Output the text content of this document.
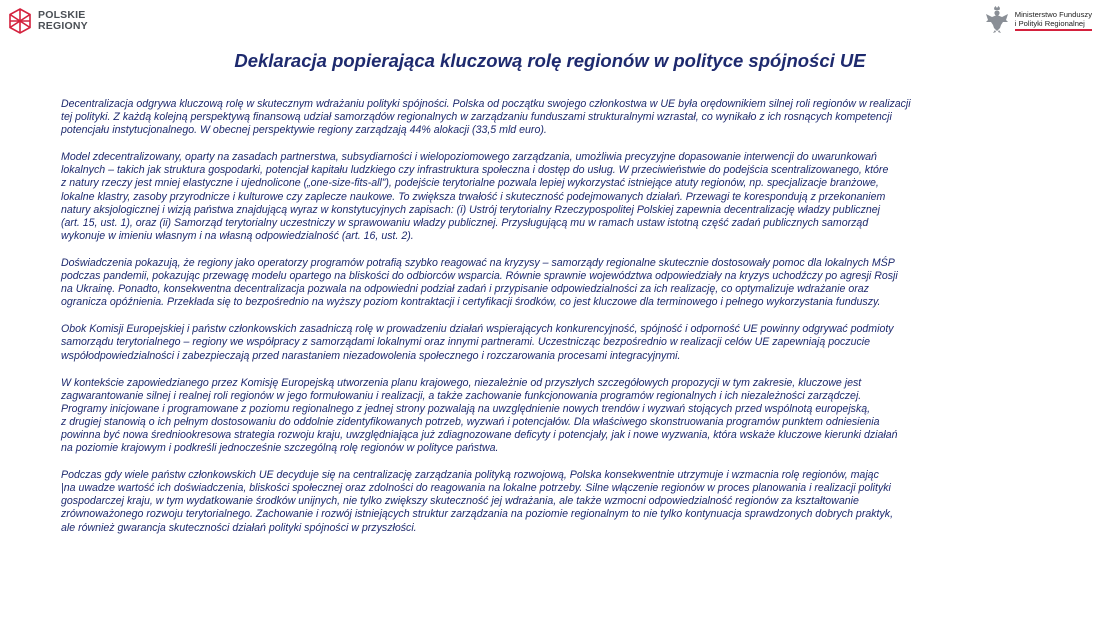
POLSKIE
REGIONY
Ministerstwo Funduszy
i Polityki Regionalnej
Deklaracja popierająca kluczową rolę regionów w polityce spójności UE

Decentralizacja odgrywa kluczową rolę w skutecznym wdrażaniu polityki spójności. Polska od początku swojego członkostwa w UE była orędownikiem silnej roli regionów w realizacji
tej polityki. Z każdą kolejną perspektywą finansową udział samorządów regionalnych w zarządzaniu funduszami strukturalnymi wzrastał, co wynikało z ich rosnących kompetencji
potencjału instytucjonalnego. W obecnej perspektywie regiony zarządzają 44% alokacji (33,5 mld euro).

Model zdecentralizowany, oparty na zasadach partnerstwa, subsydiarności i wielopoziomowego zarządzania, umożliwia precyzyjne dopasowanie interwencji do uwarunkowań
lokalnych – takich jak struktura gospodarki, potencjał kapitału ludzkiego czy infrastruktura społeczna i dostęp do usług. W przeciwieństwie do podejścia scentralizowanego, które
z natury rzeczy jest mniej elastyczne i ujednolicone („one-size-fits-all”), podejście terytorialne pozwala lepiej wykorzystać istniejące atuty regionów, np. specjalizacje branżowe,
lokalne klastry, zasoby przyrodnicze i kulturowe czy zaplecze naukowe. To zwiększa trwałość i skuteczność podejmowanych działań. Przewagi te korespondują z przekonaniem
natury aksjologicznej i wizją państwa znajdującą wyraz w konstytucyjnych zapisach: (i) Ustrój terytorialny Rzeczypospolitej Polskiej zapewnia decentralizację władzy publicznej
(art. 15, ust. 1), oraz (ii) Samorząd terytorialny uczestniczy w sprawowaniu władzy publicznej. Przysługującą mu w ramach ustaw istotną część zadań publicznych samorząd
wykonuje w imieniu własnym i na własną odpowiedzialność (art. 16, ust. 2).

Doświadczenia pokazują, że regiony jako operatorzy programów potrafią szybko reagować na kryzysy – samorządy regionalne skutecznie dostosowały pomoc dla lokalnych MŚP
podczas pandemii, pokazując przewagę modelu opartego na bliskości do odbiorców wsparcia. Równie sprawnie województwa odpowiedziały na kryzys uchodźczy po agresji Rosji
na Ukrainę. Ponadto, konsekwentna decentralizacja pozwala na odpowiedni podział zadań i przypisanie odpowiedzialności za ich realizację, co optymalizuje wdrażanie oraz
ogranicza opóźnienia. Przekłada się to bezpośrednio na wyższy poziom kontraktacji i certyfikacji środków, co jest kluczowe dla terminowego i pełnego wykorzystania funduszy.

Obok Komisji Europejskiej i państw członkowskich zasadniczą rolę w prowadzeniu działań wspierających konkurencyjność, spójność i odporność UE powinny odgrywać podmioty
samorządu terytorialnego – regiony we współpracy z samorządami lokalnymi oraz innymi partnerami. Uczestnicząc bezpośrednio w realizacji celów UE zapewniają poczucie
współodpowiedzialności i zabezpieczają przed narastaniem niezadowolenia społecznego i rozczarowania procesami integracyjnymi.

W kontekście zapowiedzianego przez Komisję Europejską utworzenia planu krajowego, niezależnie od przyszłych szczegółowych propozycji w tym zakresie, kluczowe jest
zagwarantowanie silnej i realnej roli regionów w jego formułowaniu i realizacji, a także zachowanie funkcjonowania programów regionalnych i ich niezależności zarządczej.
Programy inicjowane i programowane z poziomu regionalnego z jednej strony pozwalają na uwzględnienie nowych trendów i wyzwań stojących przed wspólnotą europejską,
z drugiej stanowią o ich pełnym dostosowaniu do oddolnie zidentyfikowanych potrzeb, wyzwań i potencjałów. Dla właściwego skonstruowania programów punktem odniesienia
powinna być nowa średniookresowa strategia rozwoju kraju, uwzględniająca już zdiagnozowane deficyty i potencjały, jak i nowe wyzwania, która wskaże kluczowe kierunki działań
na poziomie krajowym i podkreśli jednocześnie szczególną rolę regionów w polityce państwa.

Podczas gdy wiele państw członkowskich UE decyduje się na centralizację zarządzania polityką rozwojową, Polska konsekwentnie utrzymuje i wzmacnia rolę regionów, mając
|na uwadze wartość ich doświadczenia, bliskości społecznej oraz zdolności do reagowania na lokalne potrzeby. Silne włączenie regionów w proces planowania i realizacji polityki
gospodarczej kraju, w tym wydatkowanie środków unijnych, nie tylko zwiększy skuteczność jej wdrażania, ale także wzmocni odpowiedzialność regionów za kształtowanie
zrównoważonego rozwoju terytorialnego. Zachowanie i rozwój istniejących struktur zarządzania na poziomie regionalnym to nie tylko kontynuacja sprawdzonych dobrych praktyk,
ale również gwarancja skuteczności działań polityki spójności w przyszłości.
